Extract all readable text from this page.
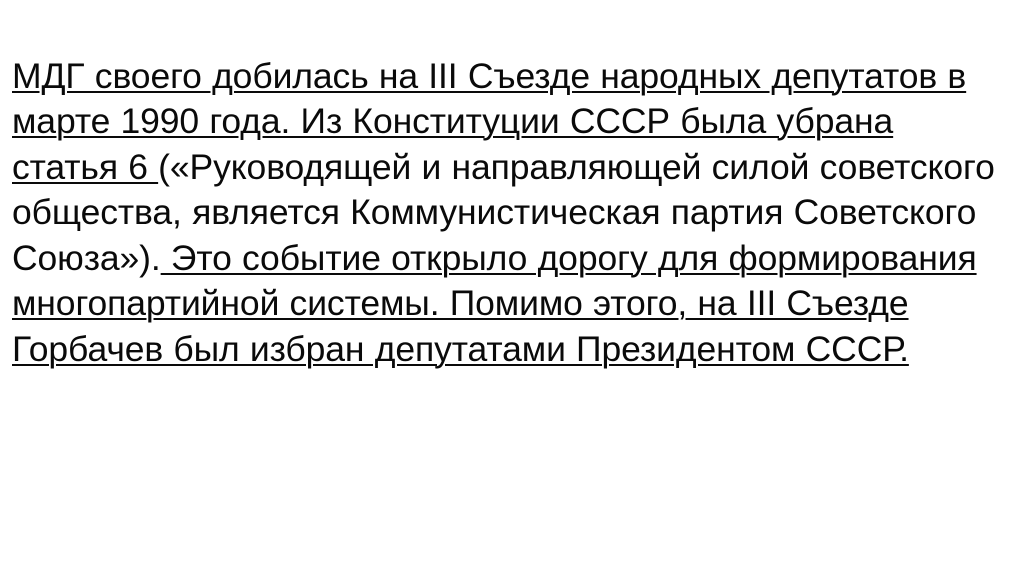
МДГ своего добилась на III Съезде народных депутатов в марте 1990 года. Из Конституции СССР была убрана статья 6 («Руководящей и направляющей силой советского общества, является Коммунистическая партия Советского Союза»). Это событие открыло дорогу для формирования многопартийной системы. Помимо этого, на III Съезде Горбачев был избран депутатами Президентом СССР.
